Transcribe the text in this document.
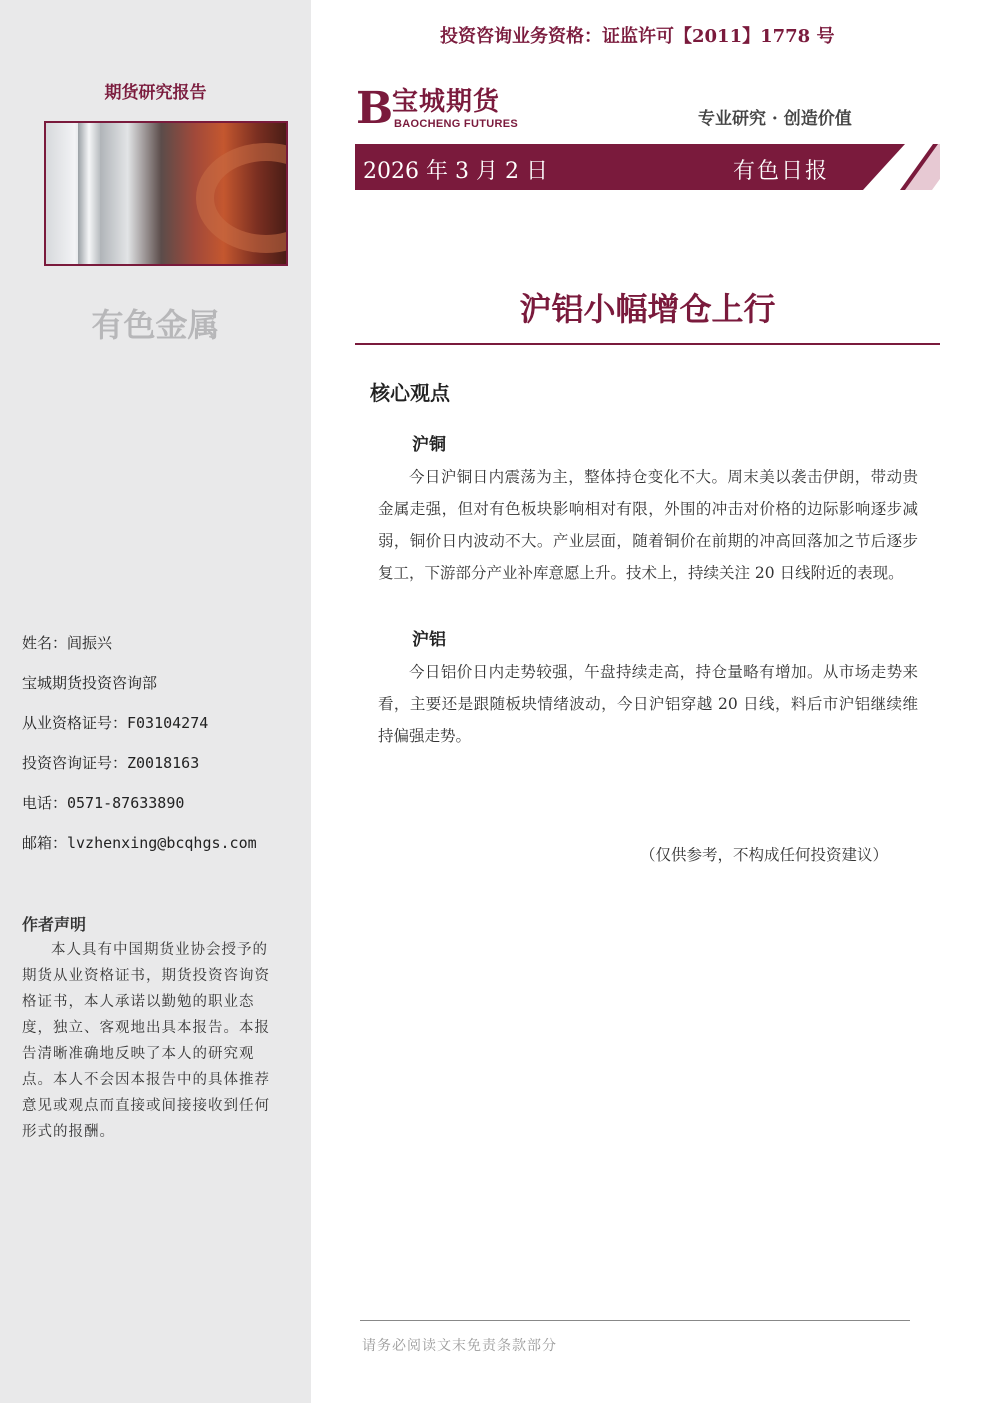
期货研究报告
有色金属
姓名：闾振兴
宝城期货投资咨询部
从业资格证号：F03104274
投资咨询证号：Z0018163
电话：0571-87633890
邮箱：lvzhenxing@bcqhgs.com
作者声明
本人具有中国期货业协会授予的期货从业资格证书，期货投资咨询资格证书，本人承诺以勤勉的职业态度，独立、客观地出具本报告。本报告清晰准确地反映了本人的研究观点。本人不会因本报告中的具体推荐意见或观点而直接或间接接收到任何形式的报酬。
投资咨询业务资格：证监许可【2011】1778 号
B
宝城期货
BAOCHENG FUTURES	专业研究 · 创造价值
2026 年 3 月 2 日	有色日报
沪铝小幅增仓上行
核心观点
沪铜
今日沪铜日内震荡为主，整体持仓变化不大。周末美以袭击伊朗，带动贵金属走强，但对有色板块影响相对有限，外围的冲击对价格的边际影响逐步减弱，铜价日内波动不大。产业层面，随着铜价在前期的冲高回落加之节后逐步复工，下游部分产业补库意愿上升。技术上，持续关注 20 日线附近的表现。
沪铝
今日铝价日内走势较强，午盘持续走高，持仓量略有增加。从市场走势来看，主要还是跟随板块情绪波动，今日沪铝穿越 20 日线，料后市沪铝继续维持偏强走势。
（仅供参考，不构成任何投资建议）
请务必阅读文末免责条款部分
